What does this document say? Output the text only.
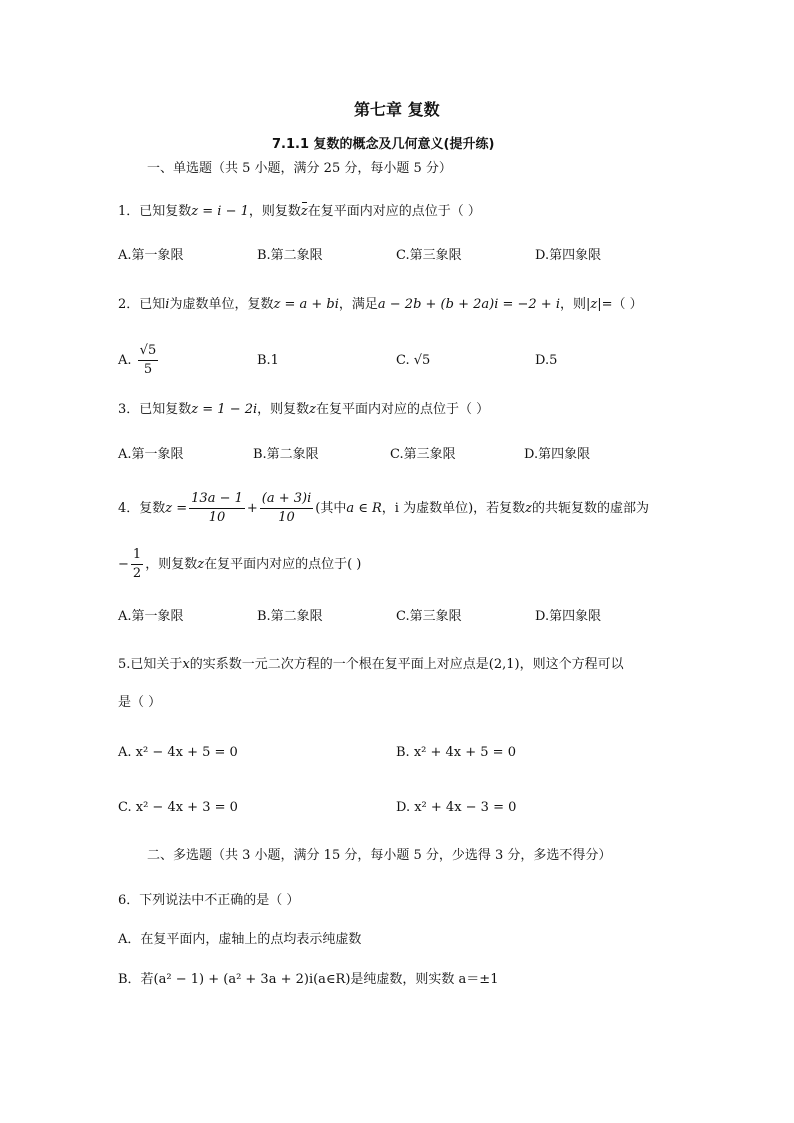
第七章 复数
7.1.1 复数的概念及几何意义(提升练)
一、单选题（共 5 小题，满分 25 分，每小题 5 分）
1．已知复数z = i − 1，则复数z在复平面内对应的点位于（ ）
A.第一象限	B.第二象限	C.第三象限	D.第四象限
2．已知i为虚数单位，复数z = a + bi，满足a − 2b + (b + 2a)i = −2 + i，则|z|=（ ）
A. $\frac{√5}{5}$	B.1	C. √5	D.5
3．已知复数z = 1 − 2i，则复数z在复平面内对应的点位于（ ）
A.第一象限	B.第二象限	C.第三象限	D.第四象限
4．复数 $z = \frac{13a - 1}{10} + \frac{(a + 3)i}{10}$ (其中 a ∈ R ，i 为虚数单位)，若复数 z 的共轭复数的虚部为
− $\frac{1}{2}$ ，则复数 z 在复平面内对应的点位于( )
A.第一象限	B.第二象限	C.第三象限	D.第四象限
5.已知关于x的实系数一元二次方程的一个根在复平面上对应点是(2,1)，则这个方程可以
是（ ）
A. x² − 4x + 5 = 0	B. x² + 4x + 5 = 0
C. x² − 4x + 3 = 0	D. x² + 4x − 3 = 0
二、多选题（共 3 小题，满分 15 分，每小题 5 分，少选得 3 分，多选不得分）
6．下列说法中不正确的是（ ）
A．在复平面内，虚轴上的点均表示纯虚数
B．若(a² − 1) + (a² + 3a + 2)i(a∈R)是纯虚数，则实数 a＝±1
